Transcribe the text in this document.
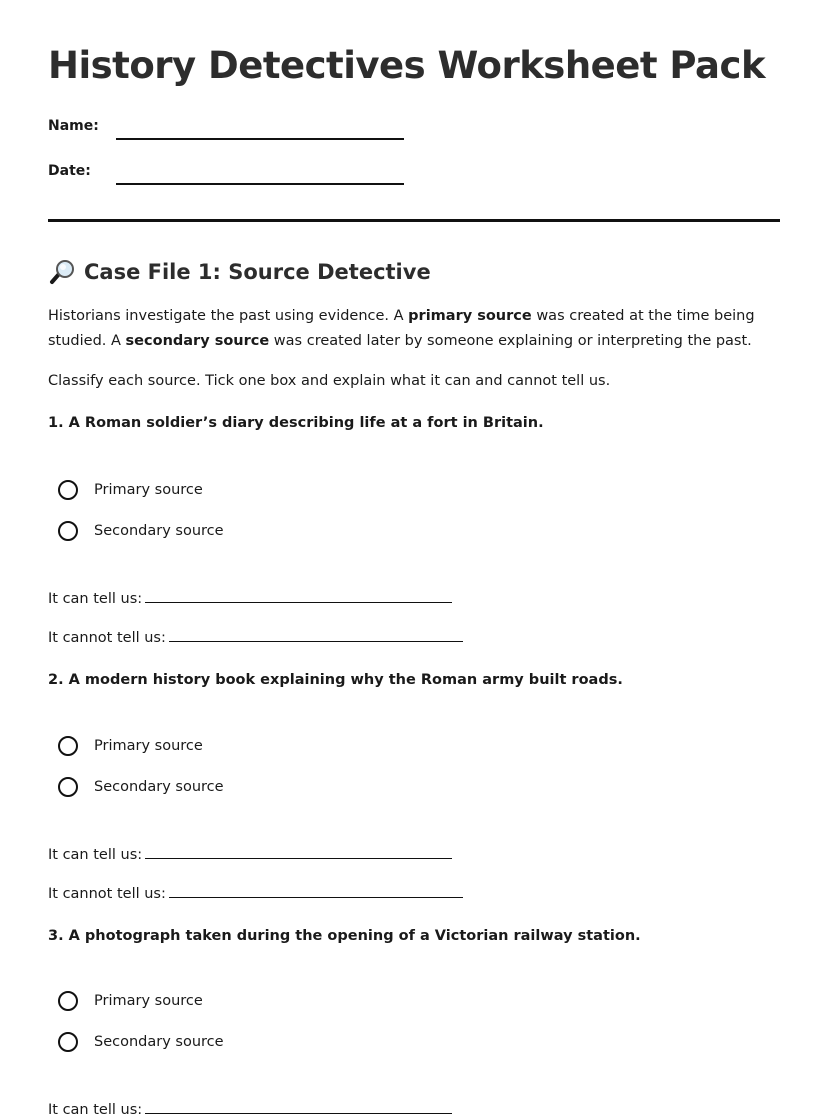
History Detectives Worksheet Pack
Name:
Date:
Case File 1: Source Detective

Historians investigate the past using evidence. A primary source was created at the time being studied. A secondary source was created later by someone explaining or interpreting the past.

Classify each source. Tick one box and explain what it can and cannot tell us.

1. A Roman soldier’s diary describing life at a fort in Britain.

Primary source
Secondary source
It can tell us:
It cannot tell us:

2. A modern history book explaining why the Roman army built roads.

Primary source
Secondary source
It can tell us:
It cannot tell us:

3. A photograph taken during the opening of a Victorian railway station.

Primary source
Secondary source
It can tell us:
